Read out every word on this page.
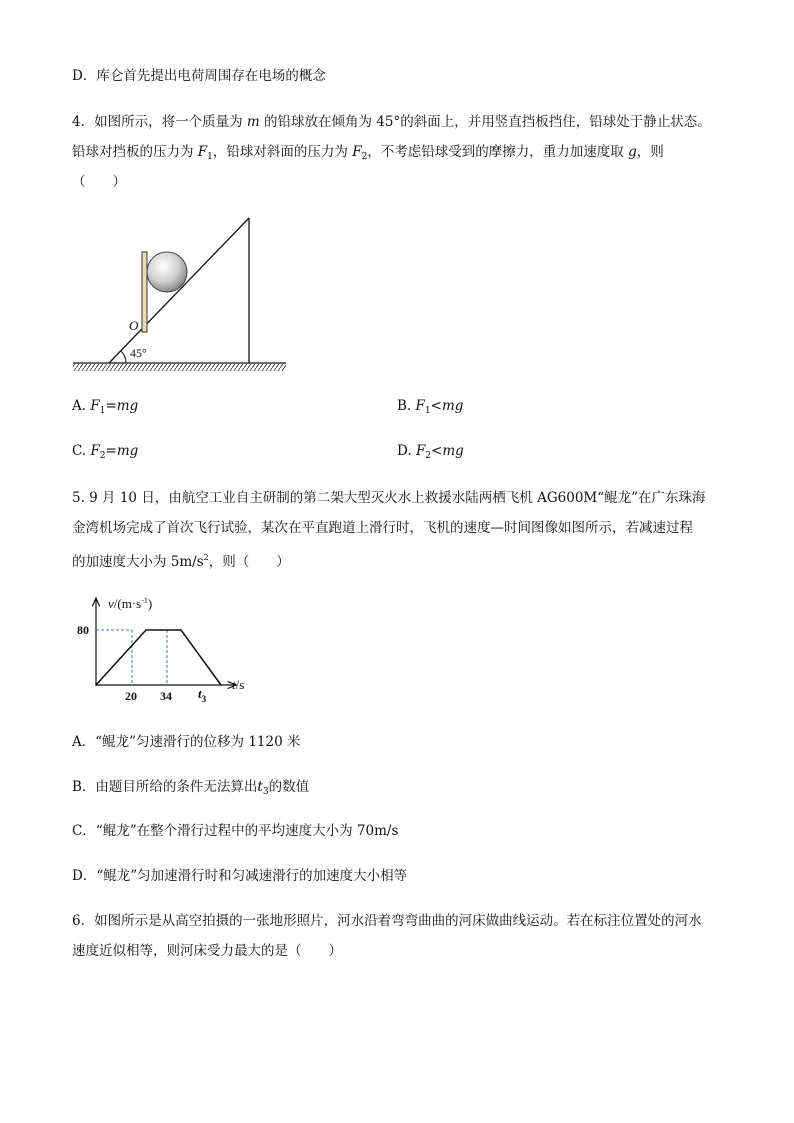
D．库仑首先提出电荷周围存在电场的概念
4．如图所示，将一个质量为 m 的铅球放在倾角为 45°的斜面上，并用竖直挡板挡住，铅球处于静止状态。
铅球对挡板的压力为 $F_1$，铅球对斜面的压力为 $F_2$，不考虑铅球受到的摩擦力，重力加速度取 g，则
（　　）
45°
O
A. $F_1=mg$	B. $F_1<mg$
C. $F_2=mg$	D. $F_2<mg$
5. 9 月 10 日，由航空工业自主研制的第二架大型灭火水上救援水陆两栖飞机 AG600M“鲲龙”在广东珠海
金湾机场完成了首次飞行试验，某次在平直跑道上滑行时，飞机的速度—时间图像如图所示，若减速过程
的加速度大小为 $5m/s^2$，则（　　）
$v/(m\cdot s^{-1})$
t/s
80
20 34 $t_3$
A．“鲲龙”匀速滑行的位移为 1120 米
B．由题目所给的条件无法算出$t_3$的数值
C．“鲲龙”在整个滑行过程中的平均速度大小为 70m/s
D．“鲲龙”匀加速滑行时和匀减速滑行的加速度大小相等
6．如图所示是从高空拍摄的一张地形照片，河水沿着弯弯曲曲的河床做曲线运动。若在标注位置处的河水
速度近似相等，则河床受力最大的是（　　）
